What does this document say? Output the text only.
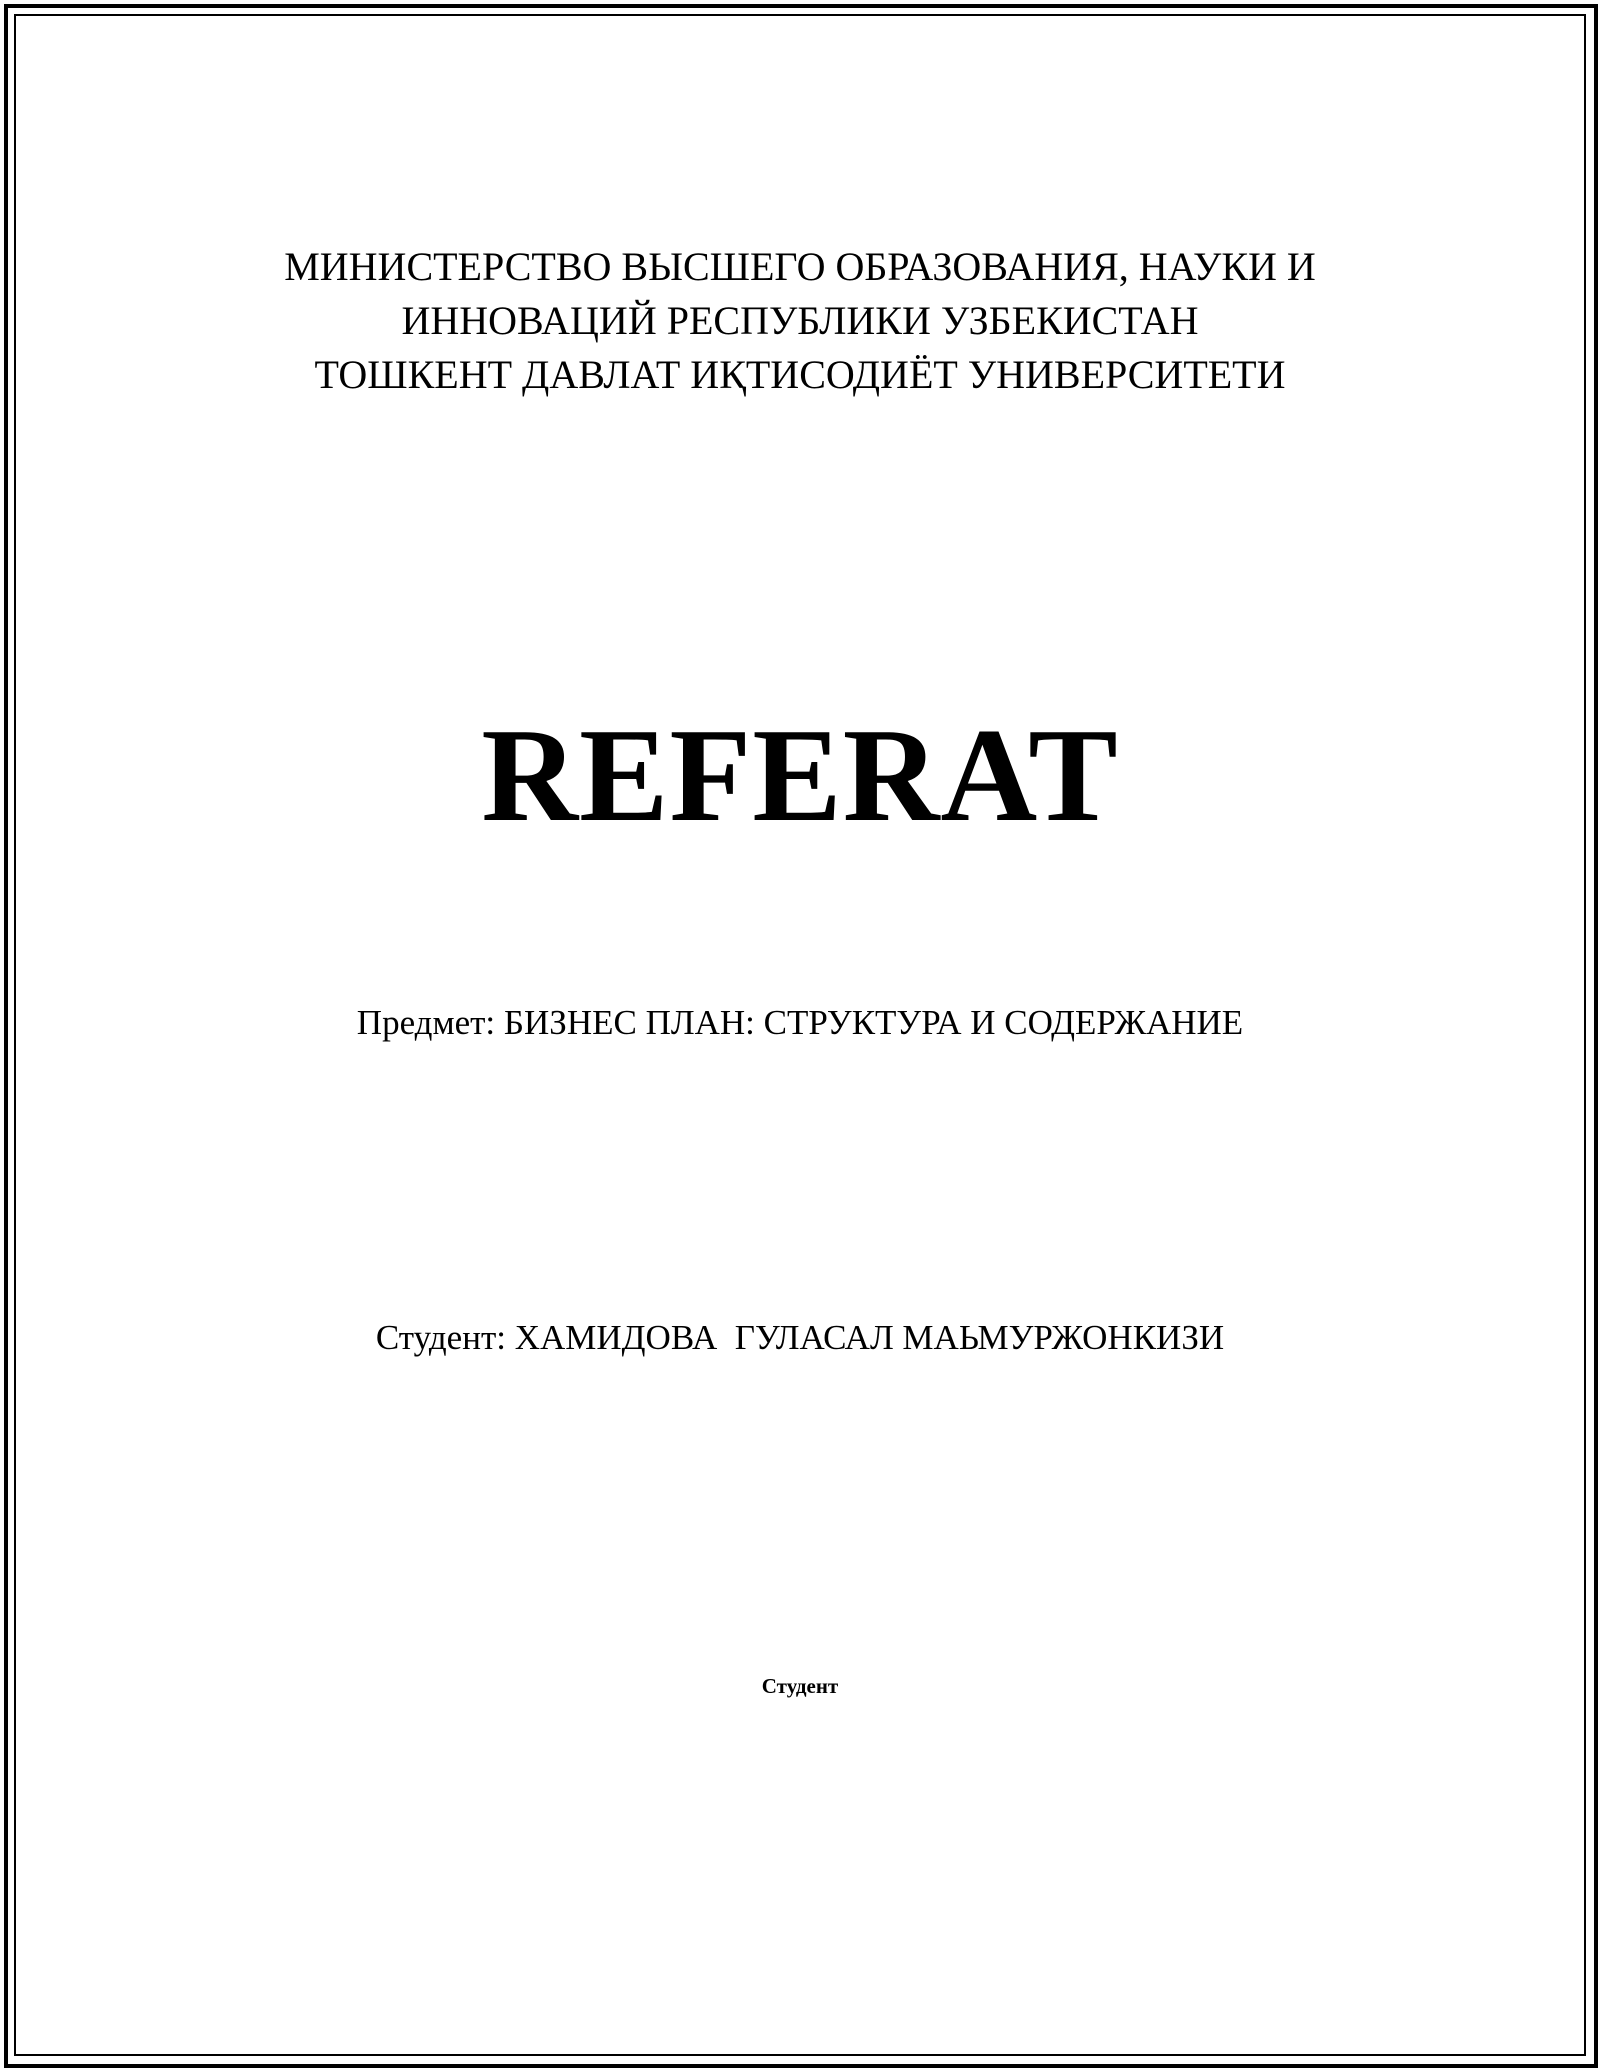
МИНИСТЕРСТВО ВЫСШЕГО ОБРАЗОВАНИЯ, НАУКИ И
ИННОВАЦИЙ РЕСПУБЛИКИ УЗБЕКИСТАН
ТОШКЕНТ ДАВЛАТ ИҚТИСОДИЁТ УНИВЕРСИТЕТИ
REFERAT
Предмет: БИЗНЕС ПЛАН: СТРУКТУРА И СОДЕРЖАНИЕ
Студент: ХАМИДОВА  ГУЛАСАЛ МАЬМУРЖОНКИЗИ
Студент
